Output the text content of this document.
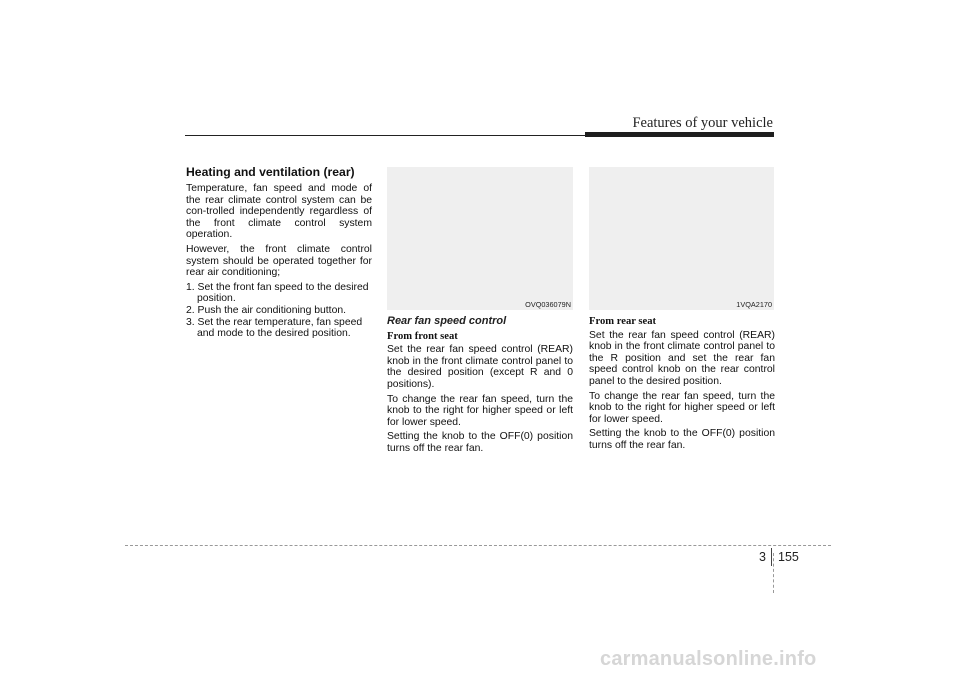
Features of your vehicle
Heating and ventilation (rear)

Temperature, fan speed and mode of the rear climate control system can be con-trolled independently regardless of the front climate control system operation.

However, the front climate control system should be operated together for rear air conditioning;

1. Set the front fan speed to the desired position.
2. Push the air conditioning button.
3. Set the rear temperature, fan speed and mode to the desired position.
OVQ036079N	1VQA2170
Rear fan speed control
From front seat

Set the rear fan speed control (REAR) knob in the front climate control panel to the desired position (except R and 0 positions).

To change the rear fan speed, turn the knob to the right for higher speed or left for lower speed.

Setting the knob to the OFF(0) position turns off the rear fan.

From rear seat

Set the rear fan speed control (REAR) knob in the front climate control panel to the R position and set the rear fan speed control knob on the rear control panel to the desired position.

To change the rear fan speed, turn the knob to the right for higher speed or left for lower speed.

Setting the knob to the OFF(0) position turns off the rear fan.

3 155
carmanualsonline.info
